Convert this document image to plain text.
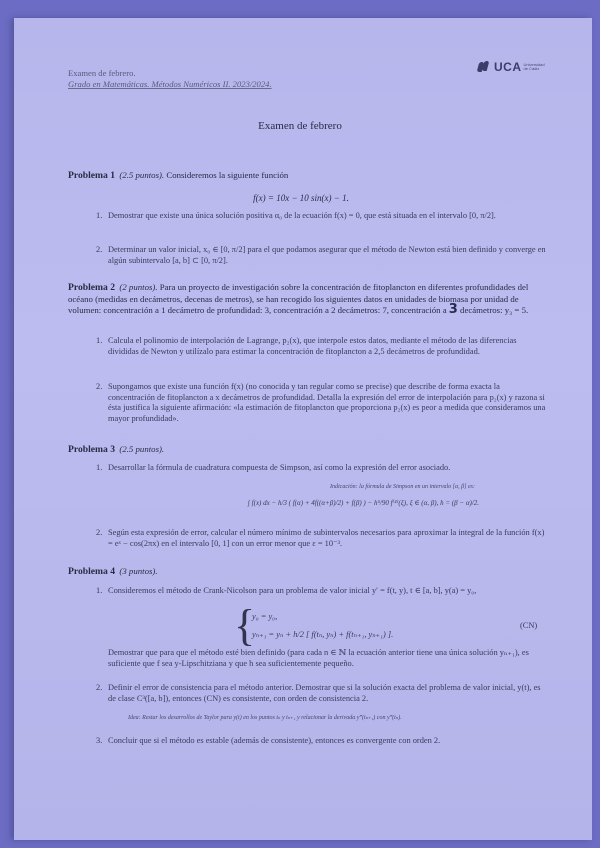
Examen de febrero.
Grado en Matemáticas. Métodos Numéricos II. 2023/2024.
UCA Universidad de Cádiz
Examen de febrero
Problema 1 (2.5 puntos). Consideremos la siguiente función
f(x) = 10x − 10 sin(x) − 1.
1. Demostrar que existe una única solución positiva α₀ de la ecuación f(x) = 0, que está situada en el intervalo [0, π/2].
2. Determinar un valor inicial, x₀ ∈ [0, π/2] para el que podamos asegurar que el método de Newton está bien definido y converge en algún subintervalo [a, b] ⊂ [0, π/2].
Problema 2 (2 puntos). Para un proyecto de investigación sobre la concentración de fitoplancton en diferentes profundidades del océano (medidas en decámetros, decenas de metros), se han recogido los siguientes datos en unidades de biomasa por unidad de volumen: concentración a 1 decámetro de profundidad: 3, concentración a 2 decámetros: 7, concentración a 3 decámetros: y₃ = 5.
1. Calcula el polinomio de interpolación de Lagrange, p₂(x), que interpole estos datos, mediante el método de las diferencias divididas de Newton y utilízalo para estimar la concentración de fitoplancton a 2,5 decámetros de profundidad.
2. Supongamos que existe una función f(x) (no conocida y tan regular como se precise) que describe de forma exacta la concentración de fitoplancton a x decámetros de profundidad. Detalla la expresión del error de interpolación para p₂(x) y razona si ésta justifica la siguiente afirmación: «la estimación de fitoplancton que proporciona p₂(x) es peor a medida que consideramos una mayor profundidad».
Problema 3 (2.5 puntos).
1. Desarrollar la fórmula de cuadratura compuesta de Simpson, así como la expresión del error asociado.
Indicación: la fórmula de Simpson en un intervalo [α, β] es:
∫ f(x) dx − h/3 ( f(α) + 4f((α+β)/2) + f(β) ) − h⁵/90 f⁽⁴⁾(ξ), ξ ∈ (α, β), h = (β − α)/2.
2. Según esta expresión de error, calcular el número mínimo de subintervalos necesarios para aproximar la integral de la función f(x) = eˣ − cos(2πx) en el intervalo [0, 1] con un error menor que ε = 10⁻³.
Problema 4 (3 puntos).
1. Consideremos el método de Crank-Nicolson para un problema de valor inicial y′ = f(t, y), t ∈ [a, b], y(a) = y₀,
{
y₀ = y₀,
yₙ₊₁ = yₙ + h/2 [ f(tₙ, yₙ) + f(tₙ₊₁, yₙ₊₁) ].
(CN)
Demostrar que para que el método esté bien definido (para cada n ∈ ℕ la ecuación anterior tiene una única solución yₙ₊₁), es suficiente que f sea y-Lipschitziana y que h sea suficientemente pequeño.
2. Definir el error de consistencia para el método anterior. Demostrar que si la solución exacta del problema de valor inicial, y(t), es de clase C³([a, b]), entonces (CN) es consistente, con orden de consistencia 2.
Idea: Restar los desarrollos de Taylor para y(t) en los puntos tₙ y tₙ₊₁ y relacionar la derivada y‴(tₙ₊₁) con y‴(tₙ).
3. Concluir que si el método es estable (además de consistente), entonces es convergente con orden 2.
